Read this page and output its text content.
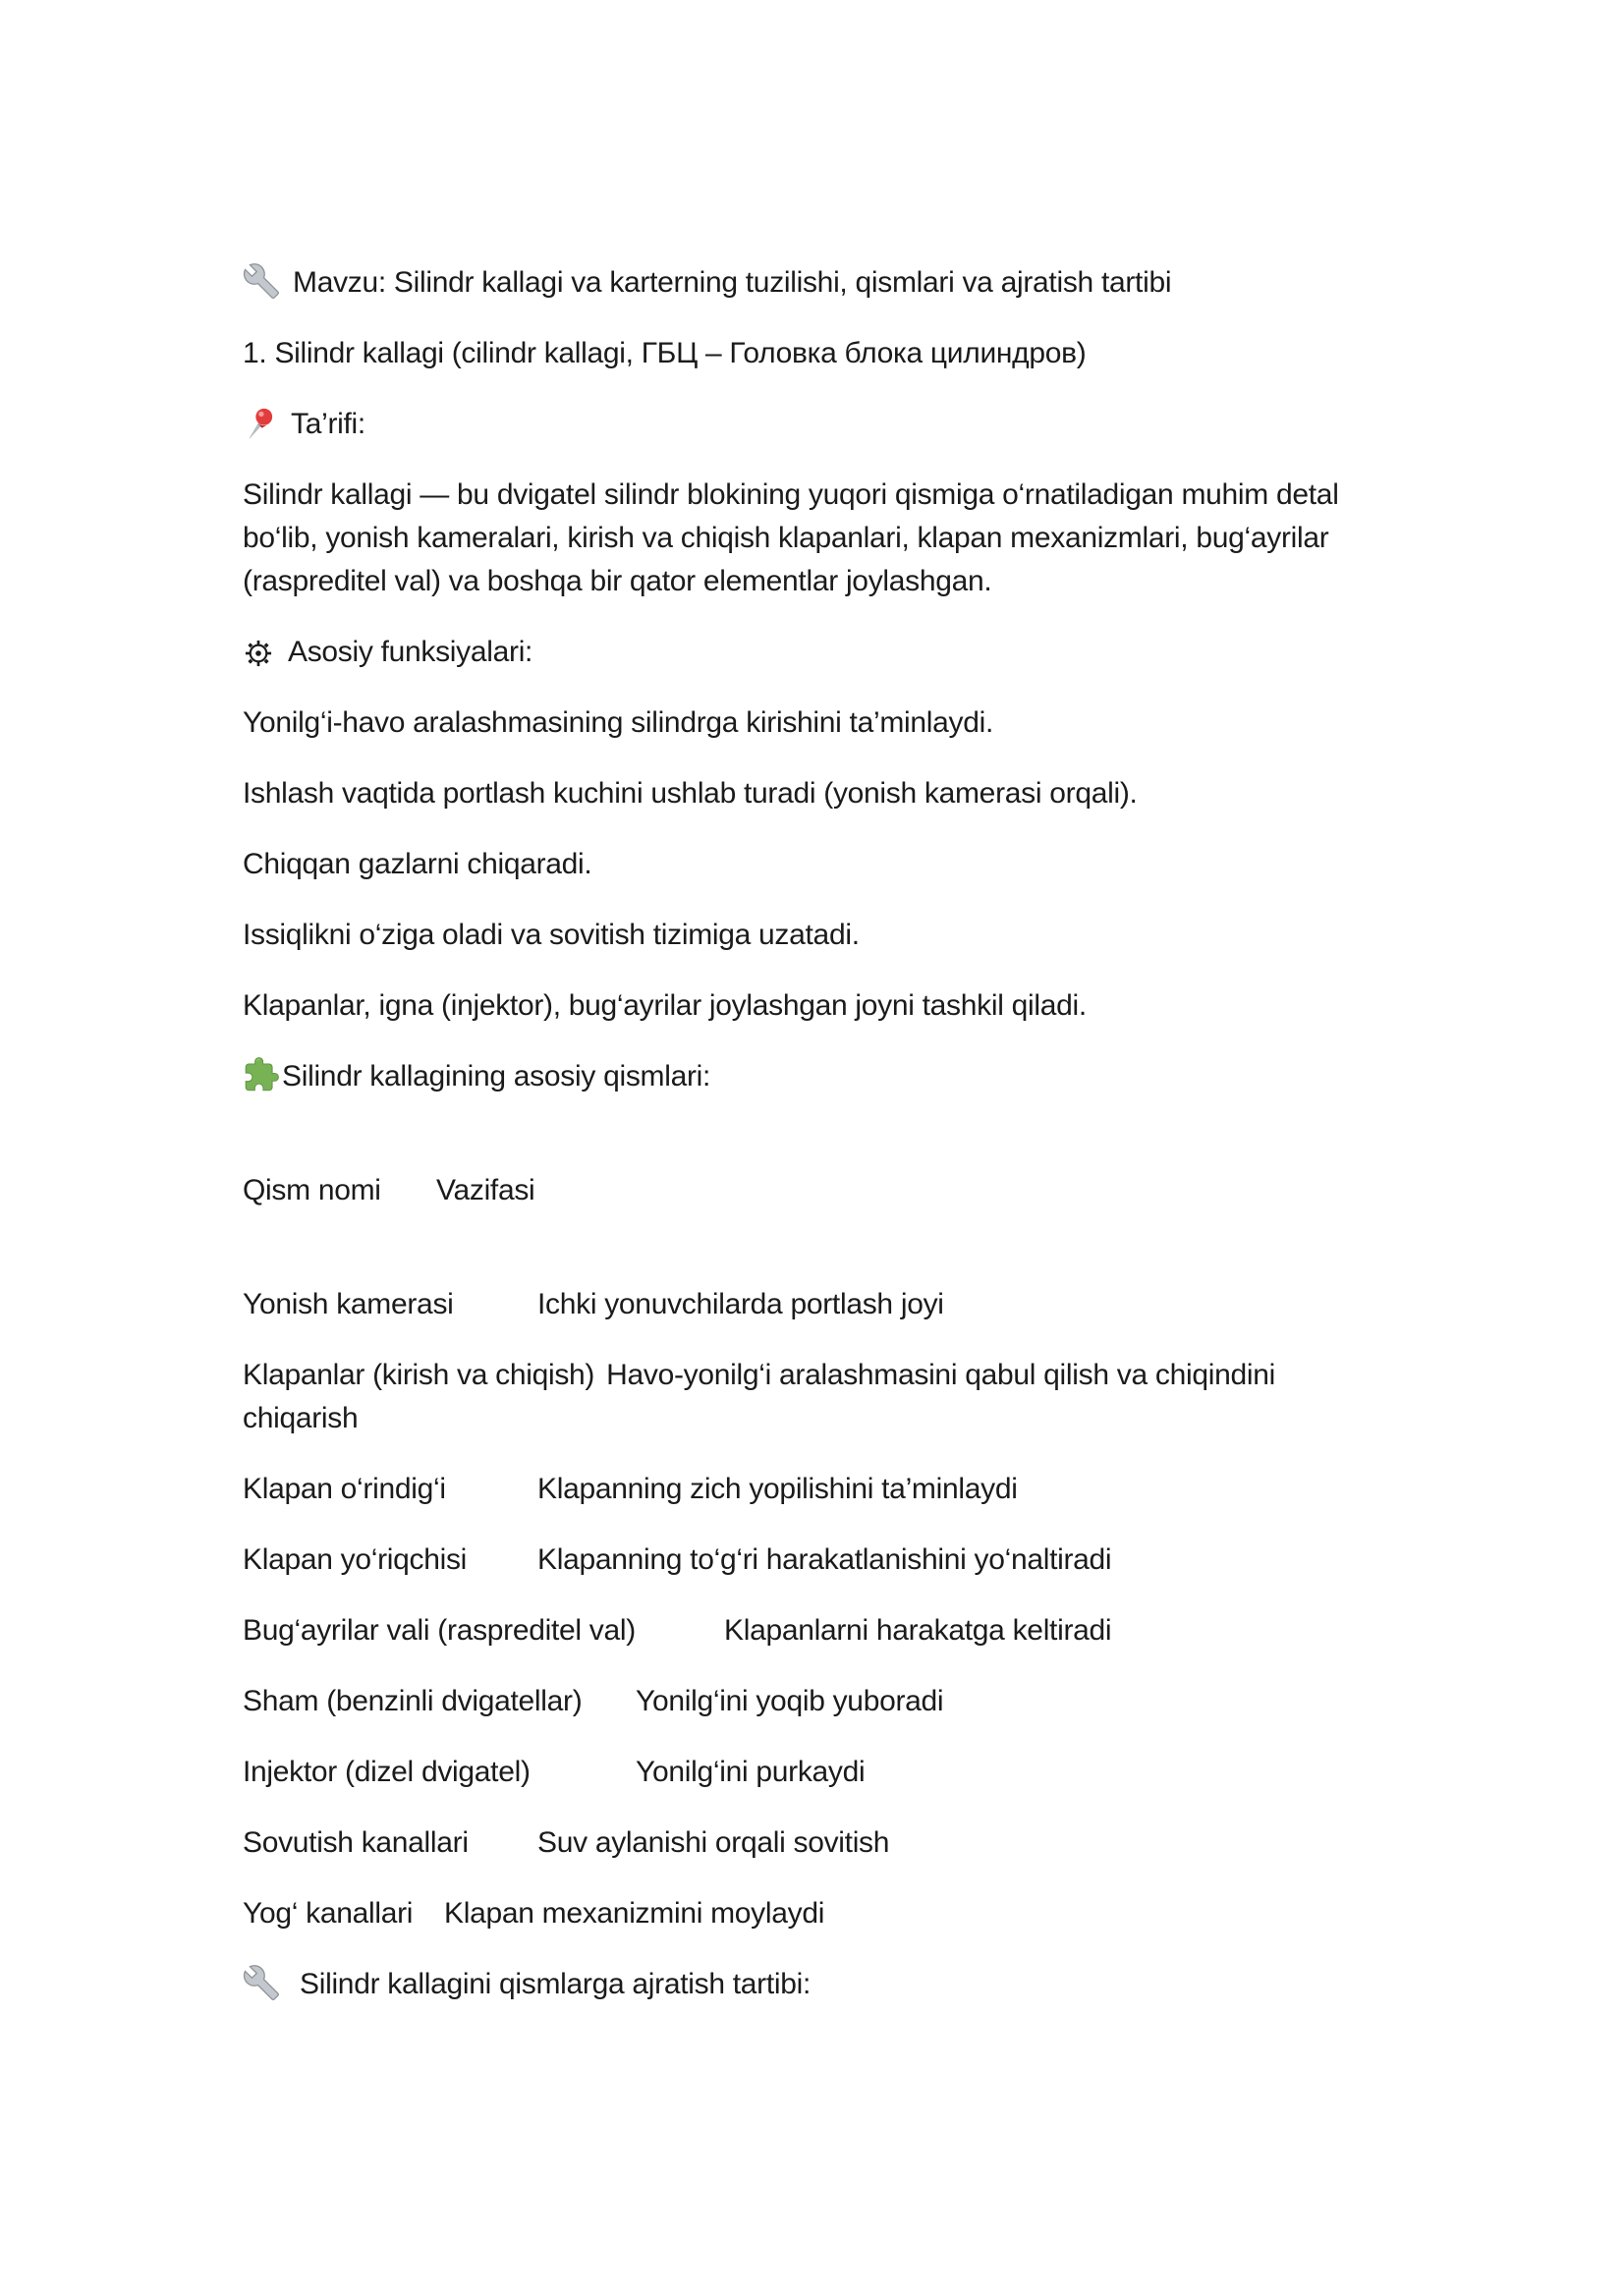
Mavzu: Silindr kallagi va karterning tuzilishi, qismlari va ajratish tartibi

1. Silindr kallagi (cilindr kallagi, ГБЦ – Головка блока цилиндров)

Ta’rifi:

Silindr kallagi — bu dvigatel silindr blokining yuqori qismiga o‘rnatiladigan muhim detal bo‘lib, yonish kameralari, kirish va chiqish klapanlari, klapan mexanizmlari, bug‘ayrilar (raspreditel val) va boshqa bir qator elementlar joylashgan.

Asosiy funksiyalari:

Yonilg‘i-havo aralashmasining silindrga kirishini ta’minlaydi.

Ishlash vaqtida portlash kuchini ushlab turadi (yonish kamerasi orqali).

Chiqqan gazlarni chiqaradi.

Issiqlikni o‘ziga oladi va sovitish tizimiga uzatadi.

Klapanlar, igna (injektor), bug‘ayrilar joylashgan joyni tashkil qiladi.

Silindr kallagining asosiy qismlari:

Qism nomi Vazifasi

Yonish kamerasi	Ichki yonuvchilarda portlash joyi

Klapanlar (kirish va chiqish) Havo-yonilg‘i aralashmasini qabul qilish va chiqindini chiqarish

Klapan o‘rindig‘i	Klapanning zich yopilishini ta’minlaydi

Klapan yo‘riqchisi Klapanning to‘g‘ri harakatlanishini yo‘naltiradi

Bug‘ayrilar vali (raspreditel val)	Klapanlarni harakatga keltiradi

Sham (benzinli dvigatellar) Yonilg‘ini yoqib yuboradi

Injektor (dizel dvigatel)	Yonilg‘ini purkaydi

Sovutish kanallari Suv aylanishi orqali sovitish

Yog‘ kanallari Klapan mexanizmini moylaydi

Silindr kallagini qismlarga ajratish tartibi:
